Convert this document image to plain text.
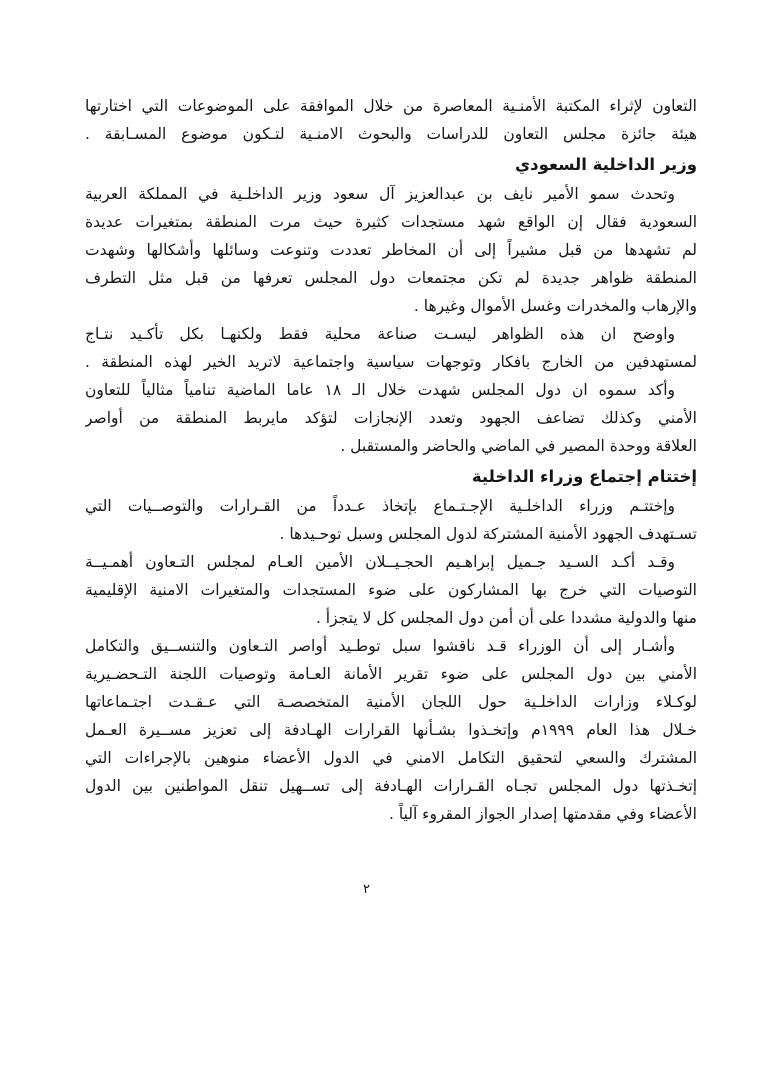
التعاون لإثراء المكتبة الأمنـية المعاصرة من خلال الموافقة على الموضوعات التي اختارتها
هيئة جائزة مجلس التعاون للدراسات والبحوث الامنـية لتـكون موضوع المسـابقة .
وزير الداخلية السعودي
وتحدث سمو الأمير نايف بن عبدالعزيز آل سعود وزير الداخلـية في المملكة العربية
السعودية فقال إن الواقع شهد مستجدات كثيرة حيث مرت المنطقة بمتغيرات عديدة
لم تشهدها من قبل مشيراً إلى أن المخاطر تعددت وتنوعت وسائلها وأشكالها وشهدت
المنطقة ظواهر جديدة لم تكن مجتمعات دول المجلس تعرفها من قبل مثل التطرف
والإرهاب والمخدرات وغسل الأموال وغيرها .
واوضح ان هذه الظواهر ليسـت صناعة محلية فقط ولكنهـا بكل تأكـيد نتـاج
لمستهدفين من الخارج بافكار وتوجهات سياسية واجتماعية لاتريد الخير لهذه المنطقة .
وأكد سموه ان دول المجلس شهدت خلال الـ ١٨ عاما الماضية تنامياً مثالياً للتعاون
الأمني وكذلك تضاعف الجهود وتعدد الإنجازات لتؤكد مايربط المنطقة من أواصر
العلاقة ووحدة المصير في الماضي والحاضر والمستقبل .
إختتام إجتماع وزراء الداخلية
وإختتـم وزراء الداخلـية الإجـتـماع بإتخاذ عـدداً من القـرارات والتوصــيات التي
تسـتهدف الجهود الأمنية المشتركة لدول المجلس وسبل توحـيدها .
وقـد أكـد السـيد جـميل إبراهـيم الحجـيــلان الأمين العـام لمجلس التـعاون أهمـيــة
التوصيات التي خرج بها المشاركون على ضوء المستجدات والمتغيرات الامنية الإقليمية
منها والدولية مشددا على أن أمن دول المجلس كل لا يتجزأ .
وأشـار إلى أن الوزراء قـد ناقشوا سبل توطـيد أواصر التـعاون والتنســيق والتكامل
الأمني بين دول المجلس على ضوء تقرير الأمانة العـامة وتوصيات اللجنة التـحضـيرية
لوكـلاء وزارات الداخلـية حول اللجان الأمنية المتخصصـة التي عـقـدت اجتـماعاتها
خـلال هذا العام ١٩٩٩م وإتخـذوا بشـأنها القرارات الهـادفة إلى تعزيز مســيرة العـمل
المشترك والسعي لتحقيق التكامل الامني في الدول الأعضاء منوهين بالإجراءات التي
إتخـذتها دول المجلس تجـاه القـرارات الهـادفة إلى تســهيل تنقل المواطنين بين الدول
الأعضاء وفي مقدمتها إصدار الجواز المقروء آلياً .
٢
